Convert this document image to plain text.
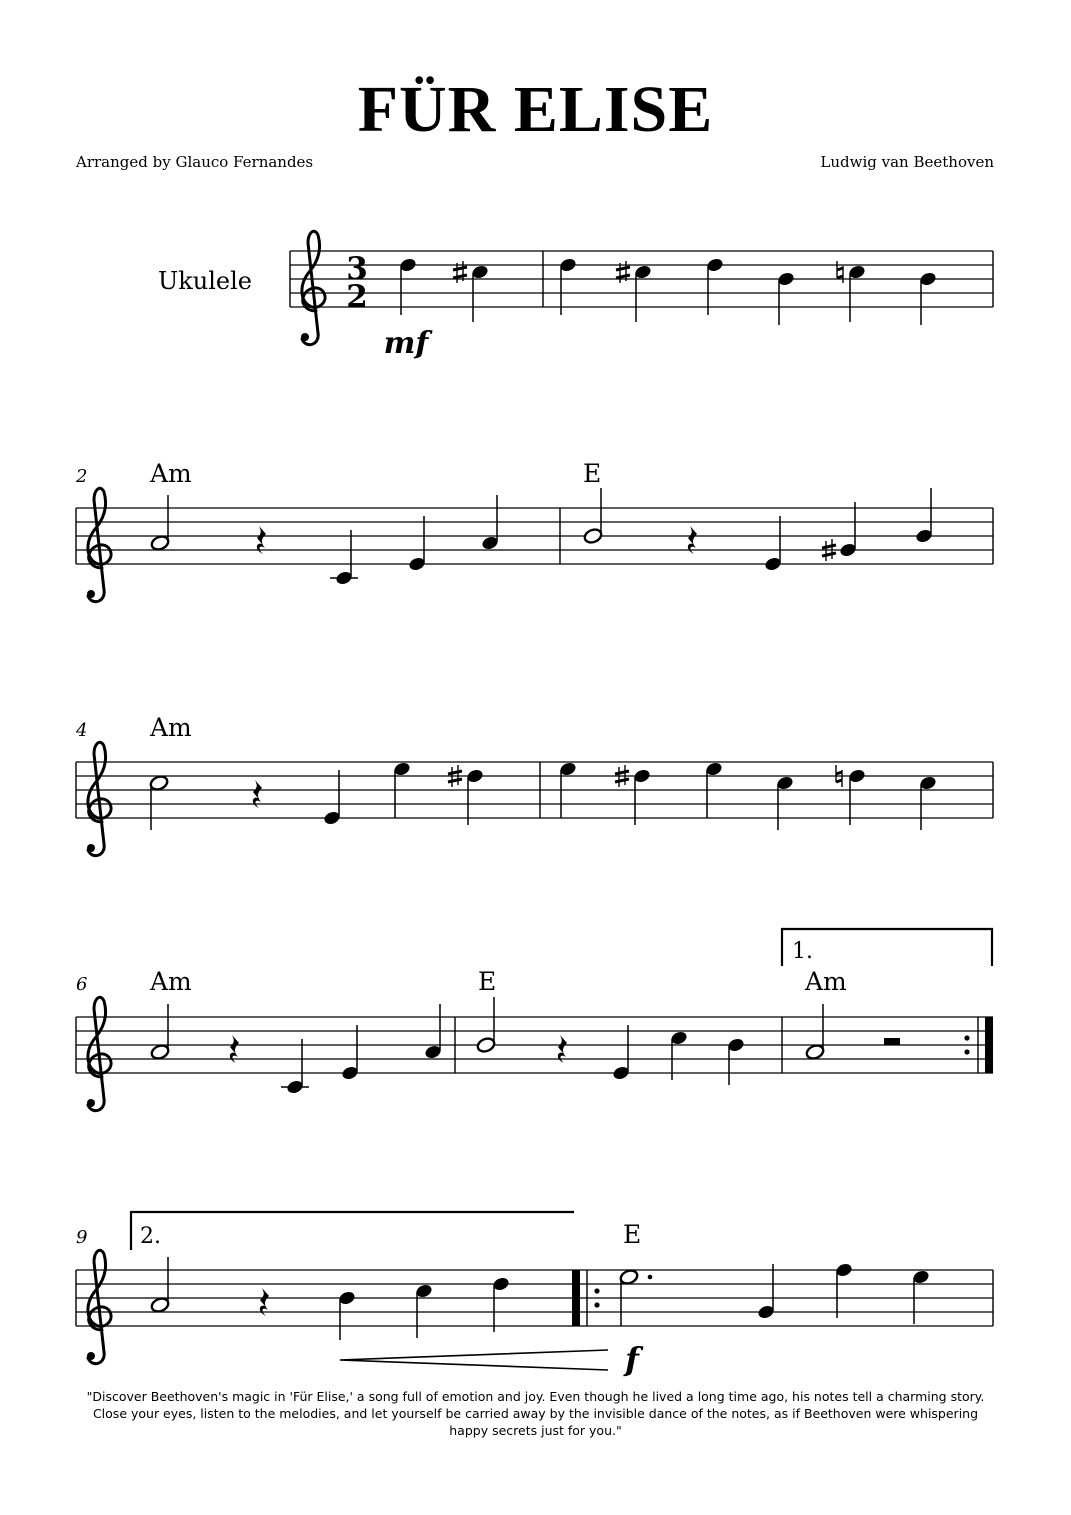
FÜR ELISE
Arranged by Glauco Fernandes	Ludwig van Beethoven
Ukulele	3
2
mf
2	Am	E
4	Am
1.
6	Am	E	Am
2.
9	E
f
"Discover Beethoven's magic in 'Für Elise,' a song full of emotion and joy. Even though he lived a long time ago, his notes tell a charming story. Close your eyes, listen to the melodies, and let yourself be carried away by the invisible dance of the notes, as if Beethoven were whispering happy secrets just for you."
